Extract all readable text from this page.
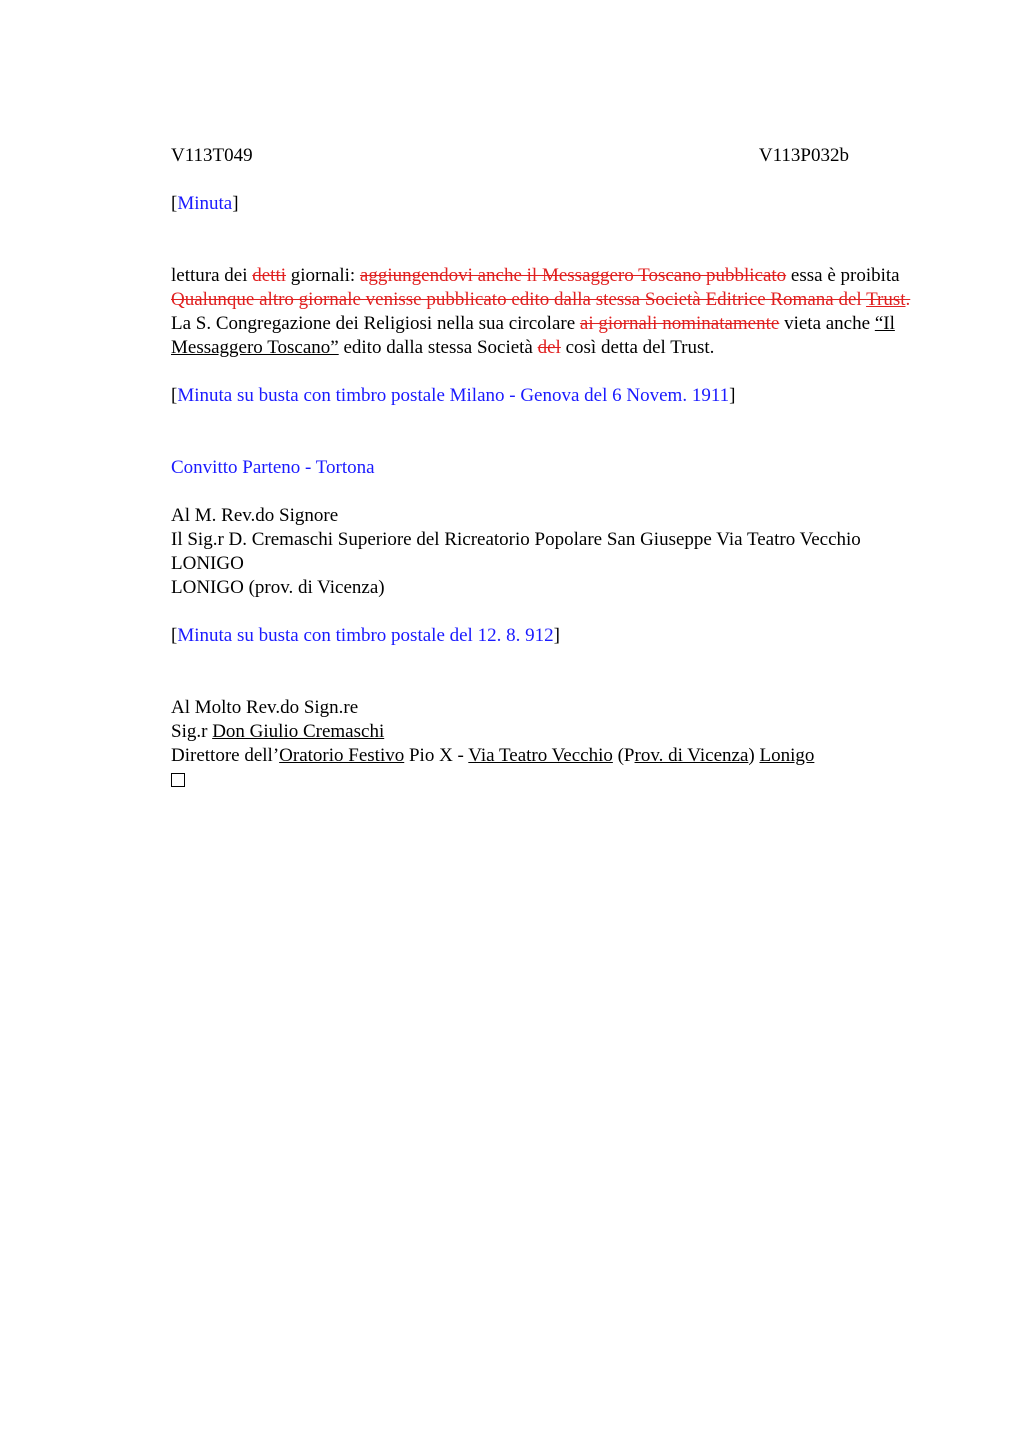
V113T049	V113P032b

[Minuta]

lettura dei detti giornali: aggiungendovi anche il Messaggero Toscano pubblicato essa è proibita Qualunque altro giornale venisse pubblicato edito dalla stessa Società Editrice Romana del Trust.

La S. Congregazione dei Religiosi nella sua circolare ai giornali nominatamente vieta anche “Il Messaggero Toscano” edito dalla stessa Società del così detta del Trust.

[Minuta su busta con timbro postale Milano - Genova del 6 Novem. 1911]

Convitto Parteno - Tortona

Al M. Rev.do Signore

Il Sig.r D. Cremaschi Superiore del Ricreatorio Popolare San Giuseppe Via Teatro Vecchio

LONIGO

LONIGO (prov. di Vicenza)

[Minuta su busta con timbro postale del 12. 8. 912]

Al Molto Rev.do Sign.re

Sig.r Don Giulio Cremaschi

Direttore dell’Oratorio Festivo Pio X - Via Teatro Vecchio (Prov. di Vicenza) Lonigo
